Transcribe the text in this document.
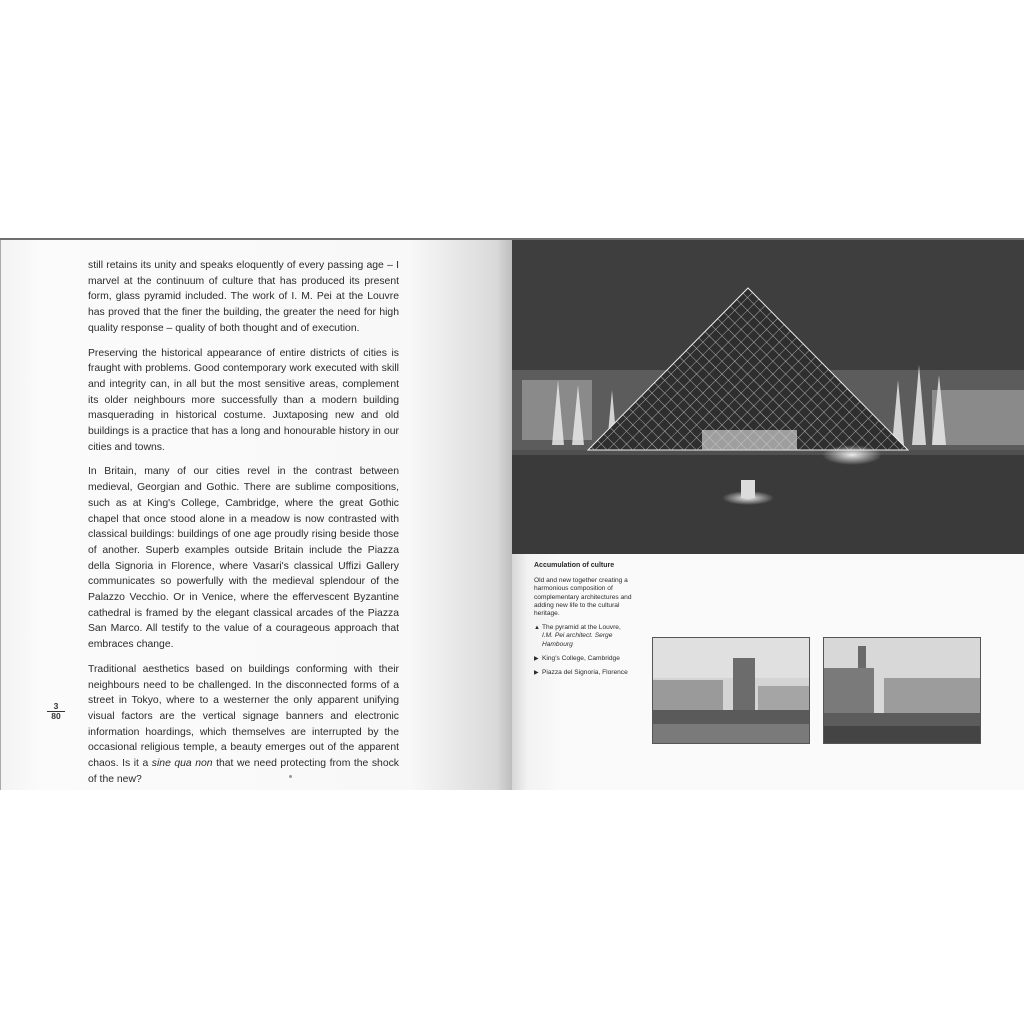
still retains its unity and speaks eloquently of every passing age – I marvel at the continuum of culture that has produced its present form, glass pyramid included. The work of I. M. Pei at the Louvre has proved that the finer the building, the greater the need for high quality response – quality of both thought and of execution.

Preserving the historical appearance of entire districts of cities is fraught with problems. Good contemporary work executed with skill and integrity can, in all but the most sensitive areas, complement its older neighbours more successfully than a modern building masquerading in historical costume. Juxtaposing new and old buildings is a practice that has a long and honourable history in our cities and towns.

In Britain, many of our cities revel in the contrast between medieval, Georgian and Gothic. There are sublime compositions, such as at King's College, Cambridge, where the great Gothic chapel that once stood alone in a meadow is now contrasted with classical buildings: buildings of one age proudly rising beside those of another. Superb examples outside Britain include the Piazza della Signoria in Florence, where Vasari's classical Uffizi Gallery communicates so powerfully with the medieval splendour of the Palazzo Vecchio. Or in Venice, where the effervescent Byzantine cathedral is framed by the elegant classical arcades of the Piazza San Marco. All testify to the value of a courageous approach that embraces change.

Traditional aesthetics based on buildings conforming with their neighbours need to be challenged. In the disconnected forms of a street in Tokyo, where to a westerner the only apparent unifying visual factors are the vertical signage banners and electronic information hoardings, which themselves are interrupted by the occasional religious temple, a beauty emerges out of the apparent chaos. Is it a sine qua non that we need protecting from the shock of the new?

3
80
Accumulation of culture
Old and new together creating a harmonious composition of complementary architectures and adding new life to the cultural heritage.
▲ The pyramid at the Louvre,
I.M. Pei architect. Serge Hambourg
▶ King's College, Cambridge
▶ Piazza del Signoria, Florence
